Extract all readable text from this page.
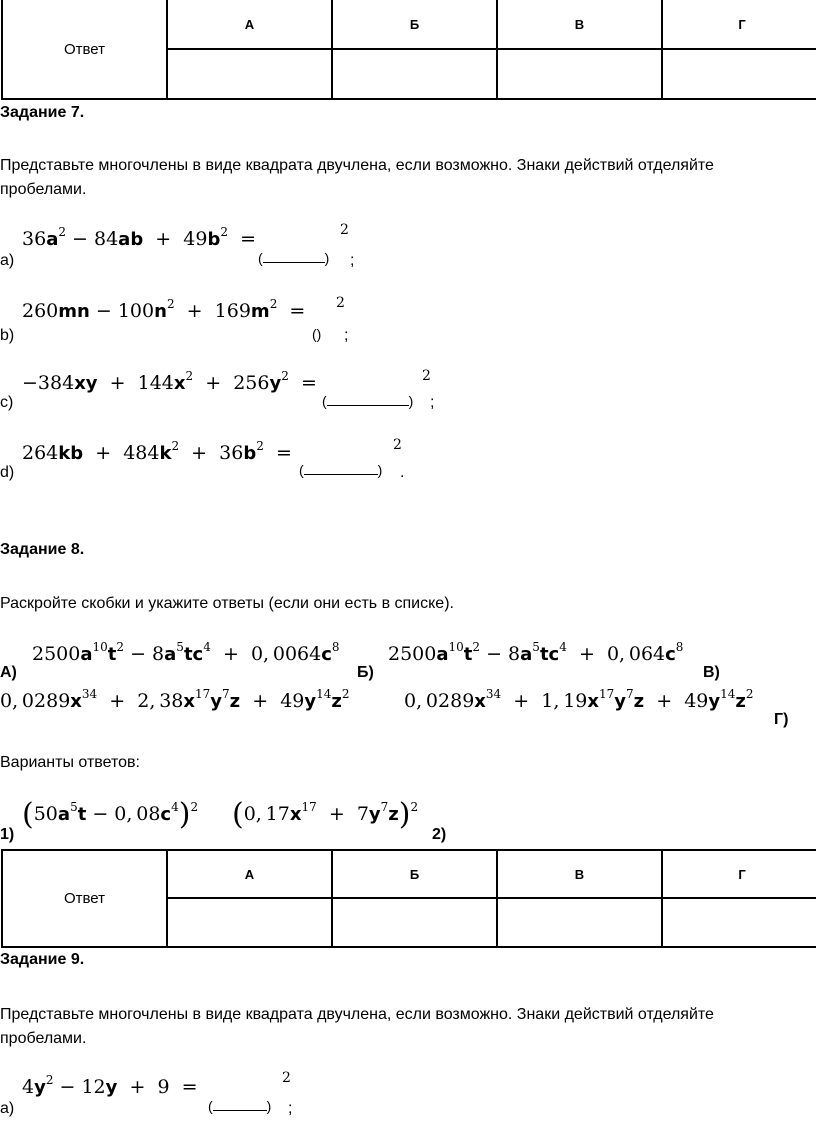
Ответ	А	Б	В	Г

Задание 7.
Представьте многочлены в виде квадрата двучлена, если возможно. Знаки действий отделяйте
пробелами.
$36a^2 - 84ab + 49b^2$  =	2
a)	(	) ;
$260mn - 100n^2 + 169m^2 = 2$
b)	() ;
$-384xy + 144x^2 + 256y^2$  =	2
c)	(	) ;
$264kb + 484k^2 + 36b^2$  =	2
d)	(	) .
Задание 8.
Раскройте скобки и укажите ответы (если они есть в списке).
$2500a^{10}t^2 - 8a^5tc^4 + 0$, $0064c^8$
А)	Б)
$2500a^{10}t^2 - 8a^5tc^4 + 0$, $064c^8$
В)
0, $0289x^{34} + 2$, $38x^{17}y^7z + 49y^{14}z^2$	0, $0289x^{34} + 1$, $19x^{17}y^7z + 49y^{14}z^2$
Г)
Варианты ответов:
($50a^5t - 0$, $08c^4)^2$ (0, $17x^{17} + 7y^7z)^2$
1)	2)
Ответ	А	Б	В	Г

Задание 9.
Представьте многочлены в виде квадрата двучлена, если возможно. Знаки действий отделяйте
пробелами.
$4y^2 - 12y + 9$  =	2
a)	(	) ;
